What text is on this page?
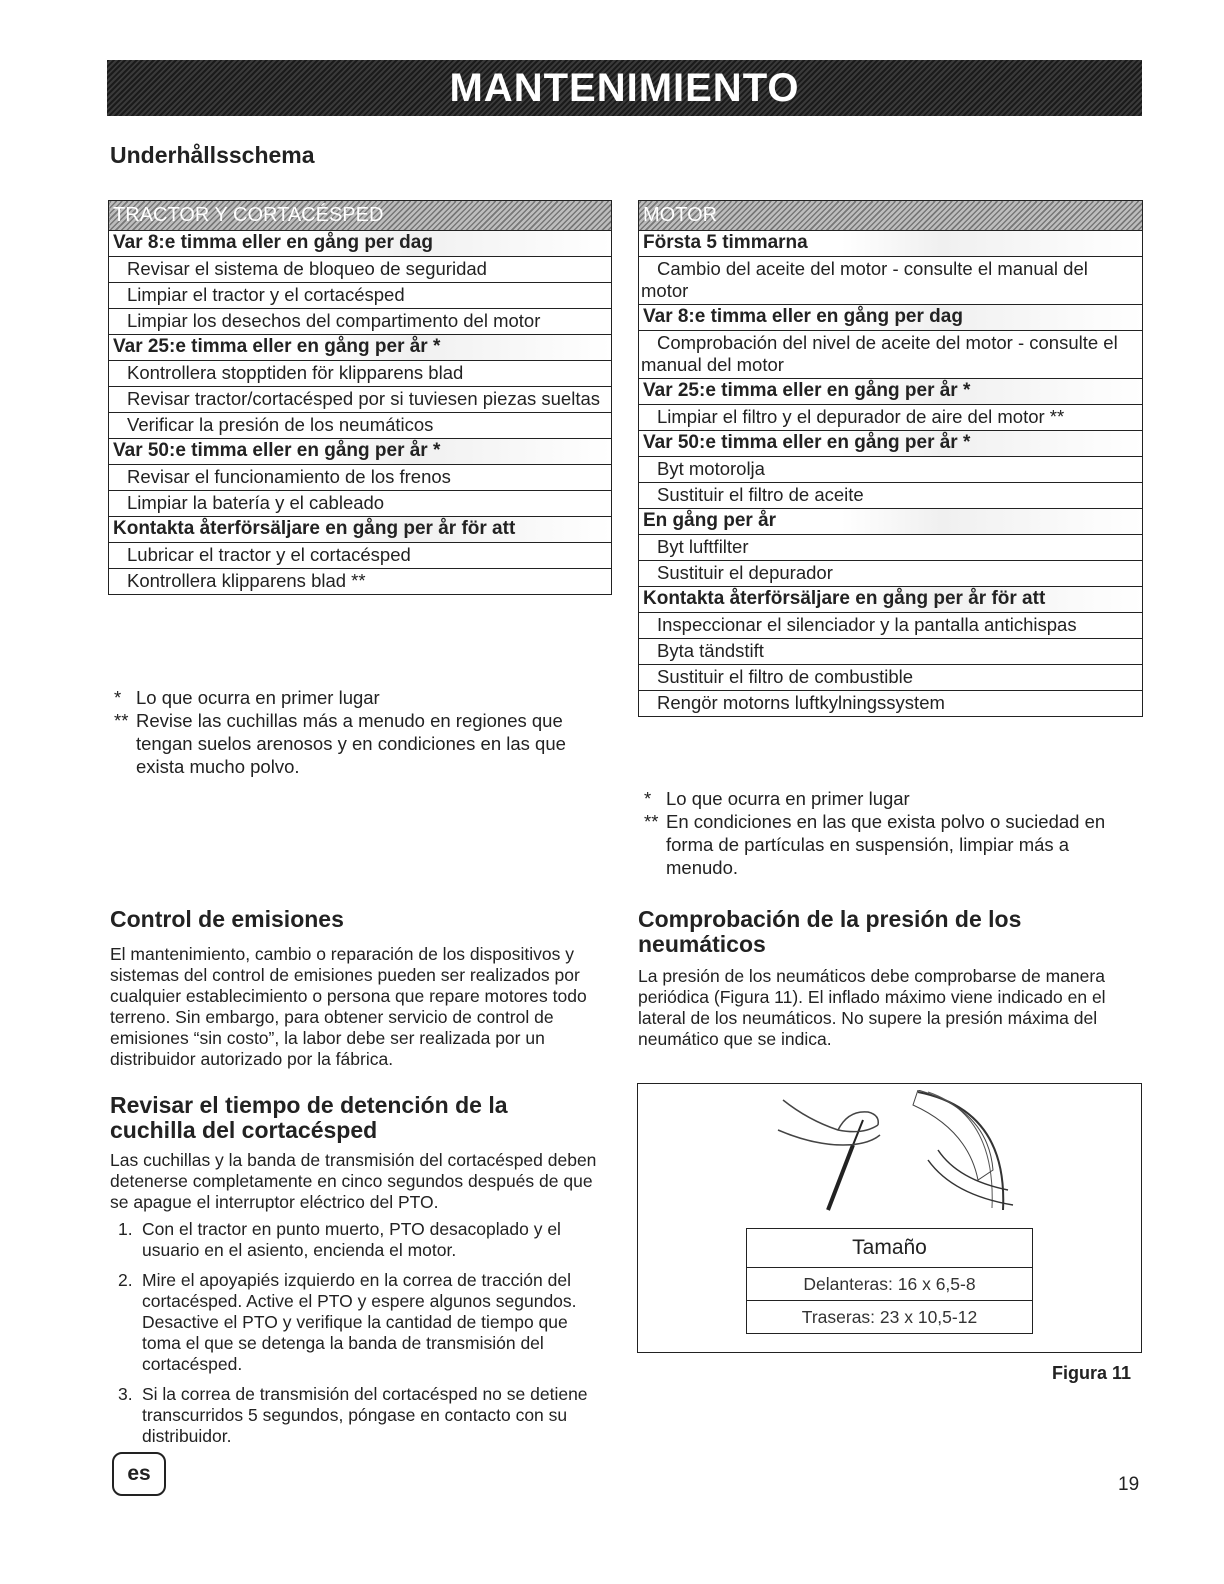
MANTENIMIENTO
Underhållsschema
TRACTOR Y CORTACÉSPED
Var 8:e timma eller en gång per dag
Revisar el sistema de bloqueo de seguridad
Limpiar el tractor y el cortacésped
Limpiar los desechos del compartimento del motor
Var 25:e timma eller en gång per år *
Kontrollera stopptiden för klipparens blad
Revisar tractor/cortacésped por si tuviesen piezas sueltas
Verificar la presión de los neumáticos
Var 50:e timma eller en gång per år *
Revisar el funcionamiento de los frenos
Limpiar la batería y el cableado
Kontakta återförsäljare en gång per år för att
Lubricar el tractor y el cortacésped
Kontrollera klipparens blad **
* Lo que ocurra en primer lugar
** Revise las cuchillas más a menudo en regiones que tengan suelos arenosos y en condiciones en las que exista mucho polvo.
MOTOR
Första 5 timmarna
Cambio del aceite del motor - consulte el manual del motor
Var 8:e timma eller en gång per dag
Comprobación del nivel de aceite del motor - consulte el manual del motor
Var 25:e timma eller en gång per år *
Limpiar el filtro y el depurador de aire del motor **
Var 50:e timma eller en gång per år *
Byt motorolja
Sustituir el filtro de aceite
En gång per år
Byt luftfilter
Sustituir el depurador
Kontakta återförsäljare en gång per år för att
Inspeccionar el silenciador y la pantalla antichispas
Byta tändstift
Sustituir el filtro de combustible
Rengör motorns luftkylningssystem
* Lo que ocurra en primer lugar
** En condiciones en las que exista polvo o suciedad en forma de partículas en suspensión, limpiar más a menudo.
Control de emisiones

El mantenimiento, cambio o reparación de los dispositivos y sistemas del control de emisiones pueden ser realizados por cualquier establecimiento o persona que repare motores todo terreno. Sin embargo, para obtener servicio de control de emisiones “sin costo”, la labor debe ser realizada por un distribuidor autorizado por la fábrica.

Revisar el tiempo de detención de la cuchilla del cortacésped

Las cuchillas y la banda de transmisión del cortacésped deben detenerse completamente en cinco segundos después de que se apague el interruptor eléctrico del PTO.

1. Con el tractor en punto muerto, PTO desacoplado y el usuario en el asiento, encienda el motor.
2. Mire el apoyapiés izquierdo en la correa de tracción del cortacésped. Active el PTO y espere algunos segundos. Desactive el PTO y verifique la cantidad de tiempo que toma el que se detenga la banda de transmisión del cortacésped.
3. Si la correa de transmisión del cortacésped no se detiene transcurridos 5 segundos, póngase en contacto con su distribuidor.
Comprobación de la presión de los neumáticos

La presión de los neumáticos debe comprobarse de manera periódica (Figura 11). El inflado máximo viene indicado en el lateral de los neumáticos. No supere la presión máxima del neumático que se indica.

Tamaño
Delanteras: 16 x 6,5-8
Traseras: 23 x 10,5-12
Figura 11
es	19
